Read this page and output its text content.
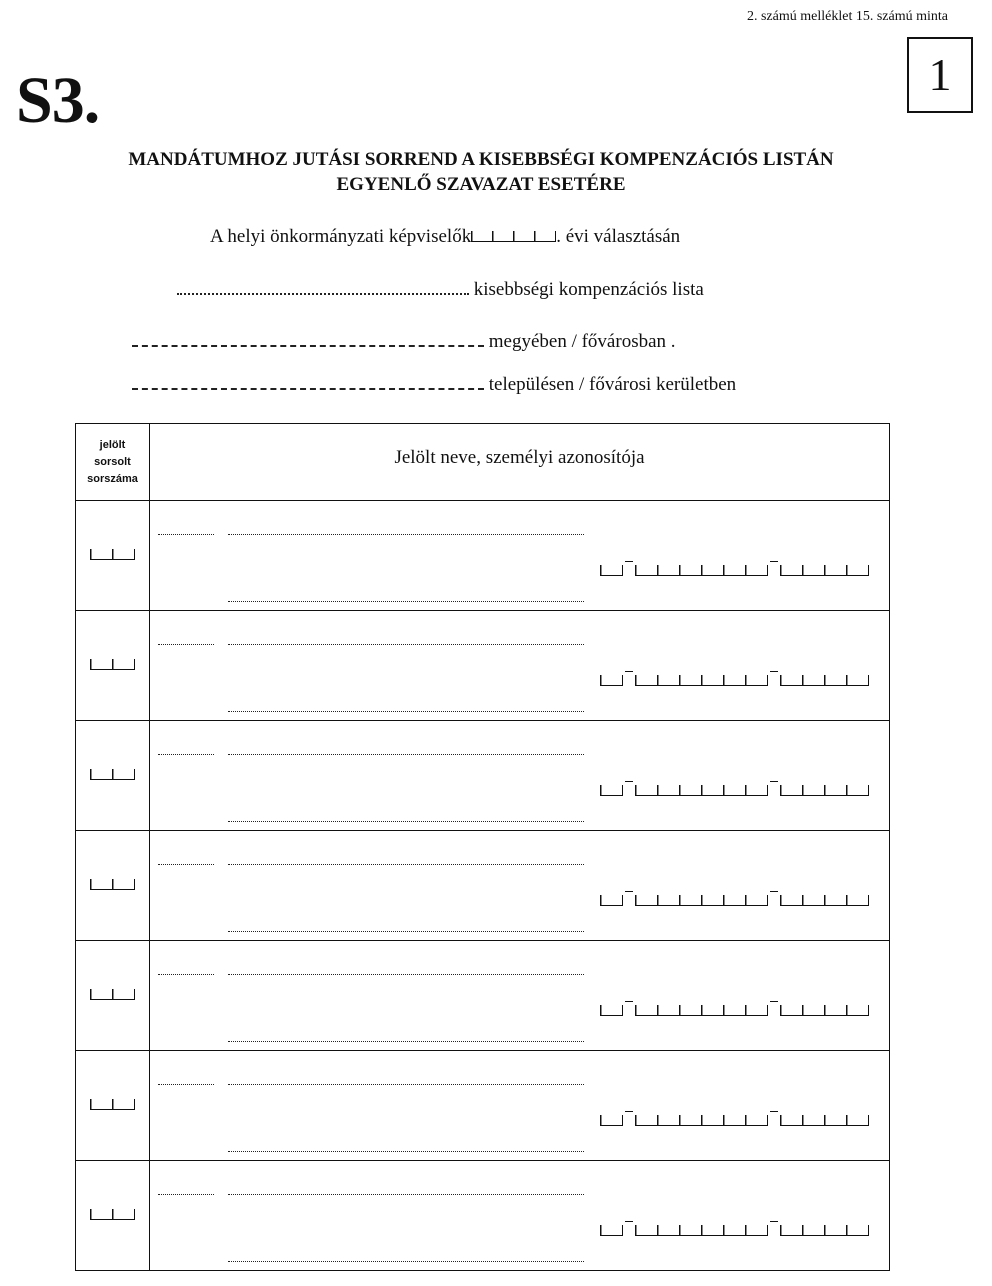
2. számú melléklet 15. számú minta
1
S3.
MANDÁTUMHOZ JUTÁSI SORREND A KISEBBSÉGI KOMPENZÁCIÓS LISTÁN
EGYENLŐ SZAVAZAT ESETÉRE
A helyi önkormányzati képviselők	. évi választásán
kisebbségi kompenzációs lista
megyében / fővárosban .
településen / fővárosi kerületben
jelölt
sorsolt
sorszáma	Jelölt neve, személyi azonosítója
